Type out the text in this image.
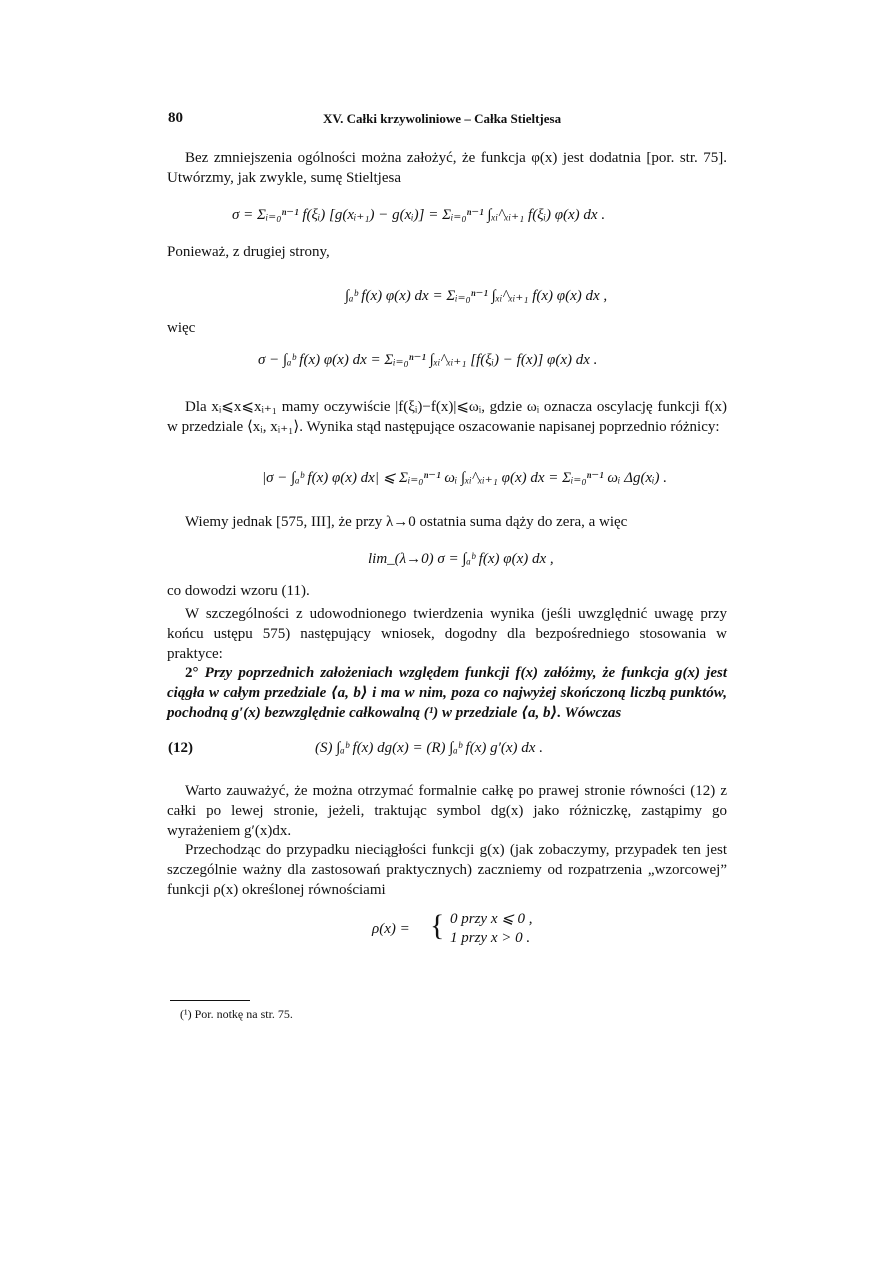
80	XV. Całki krzywoliniowe – Całka Stieltjesa
Bez zmniejszenia ogólności można założyć, że funkcja φ(x) jest dodatnia [por. str. 75]. Utwórzmy, jak zwykle, sumę Stieltjesa
σ = Σᵢ₌₀ⁿ⁻¹ f(ξᵢ) [g(xᵢ₊₁) − g(xᵢ)] = Σᵢ₌₀ⁿ⁻¹ ∫ₓᵢ^ₓᵢ₊₁ f(ξᵢ) φ(x) dx .
Ponieważ, z drugiej strony,
∫ₐᵇ f(x) φ(x) dx = Σᵢ₌₀ⁿ⁻¹ ∫ₓᵢ^ₓᵢ₊₁ f(x) φ(x) dx ,
więc
σ − ∫ₐᵇ f(x) φ(x) dx = Σᵢ₌₀ⁿ⁻¹ ∫ₓᵢ^ₓᵢ₊₁ [f(ξᵢ) − f(x)] φ(x) dx .
Dla xᵢ⩽x⩽xᵢ₊₁ mamy oczywiście |f(ξᵢ)−f(x)|⩽ωᵢ, gdzie ωᵢ oznacza oscylację funkcji f(x) w przedziale ⟨xᵢ, xᵢ₊₁⟩. Wynika stąd następujące oszacowanie napisanej poprzednio różnicy:
|σ − ∫ₐᵇ f(x) φ(x) dx| ⩽ Σᵢ₌₀ⁿ⁻¹ ωᵢ ∫ₓᵢ^ₓᵢ₊₁ φ(x) dx = Σᵢ₌₀ⁿ⁻¹ ωᵢ Δg(xᵢ) .
Wiemy jednak [575, III], że przy λ→0 ostatnia suma dąży do zera, a więc
lim_(λ→0) σ = ∫ₐᵇ f(x) φ(x) dx ,
co dowodzi wzoru (11).
W szczególności z udowodnionego twierdzenia wynika (jeśli uwzględnić uwagę przy końcu ustępu 575) następujący wniosek, dogodny dla bezpośredniego stosowania w praktyce:
2° Przy poprzednich założeniach względem funkcji f(x) załóżmy, że funkcja g(x) jest ciągła w całym przedziale ⟨a, b⟩ i ma w nim, poza co najwyżej skończoną liczbą punktów, pochodną g′(x) bezwzględnie całkowalną (¹) w przedziale ⟨a, b⟩. Wówczas
(12)	(S) ∫ₐᵇ f(x) dg(x) = (R) ∫ₐᵇ f(x) g′(x) dx .
Warto zauważyć, że można otrzymać formalnie całkę po prawej stronie równości (12) z całki po lewej stronie, jeżeli, traktując symbol dg(x) jako różniczkę, zastąpimy go wyrażeniem g′(x)dx.
Przechodząc do przypadku nieciągłości funkcji g(x) (jak zobaczymy, przypadek ten jest szczególnie ważny dla zastosowań praktycznych) zaczniemy od rozpatrzenia „wzorcowej” funkcji ρ(x) określonej równościami
ρ(x) = { 0 przy x ⩽ 0 ,
1 przy x > 0 .
(¹) Por. notkę na str. 75.
